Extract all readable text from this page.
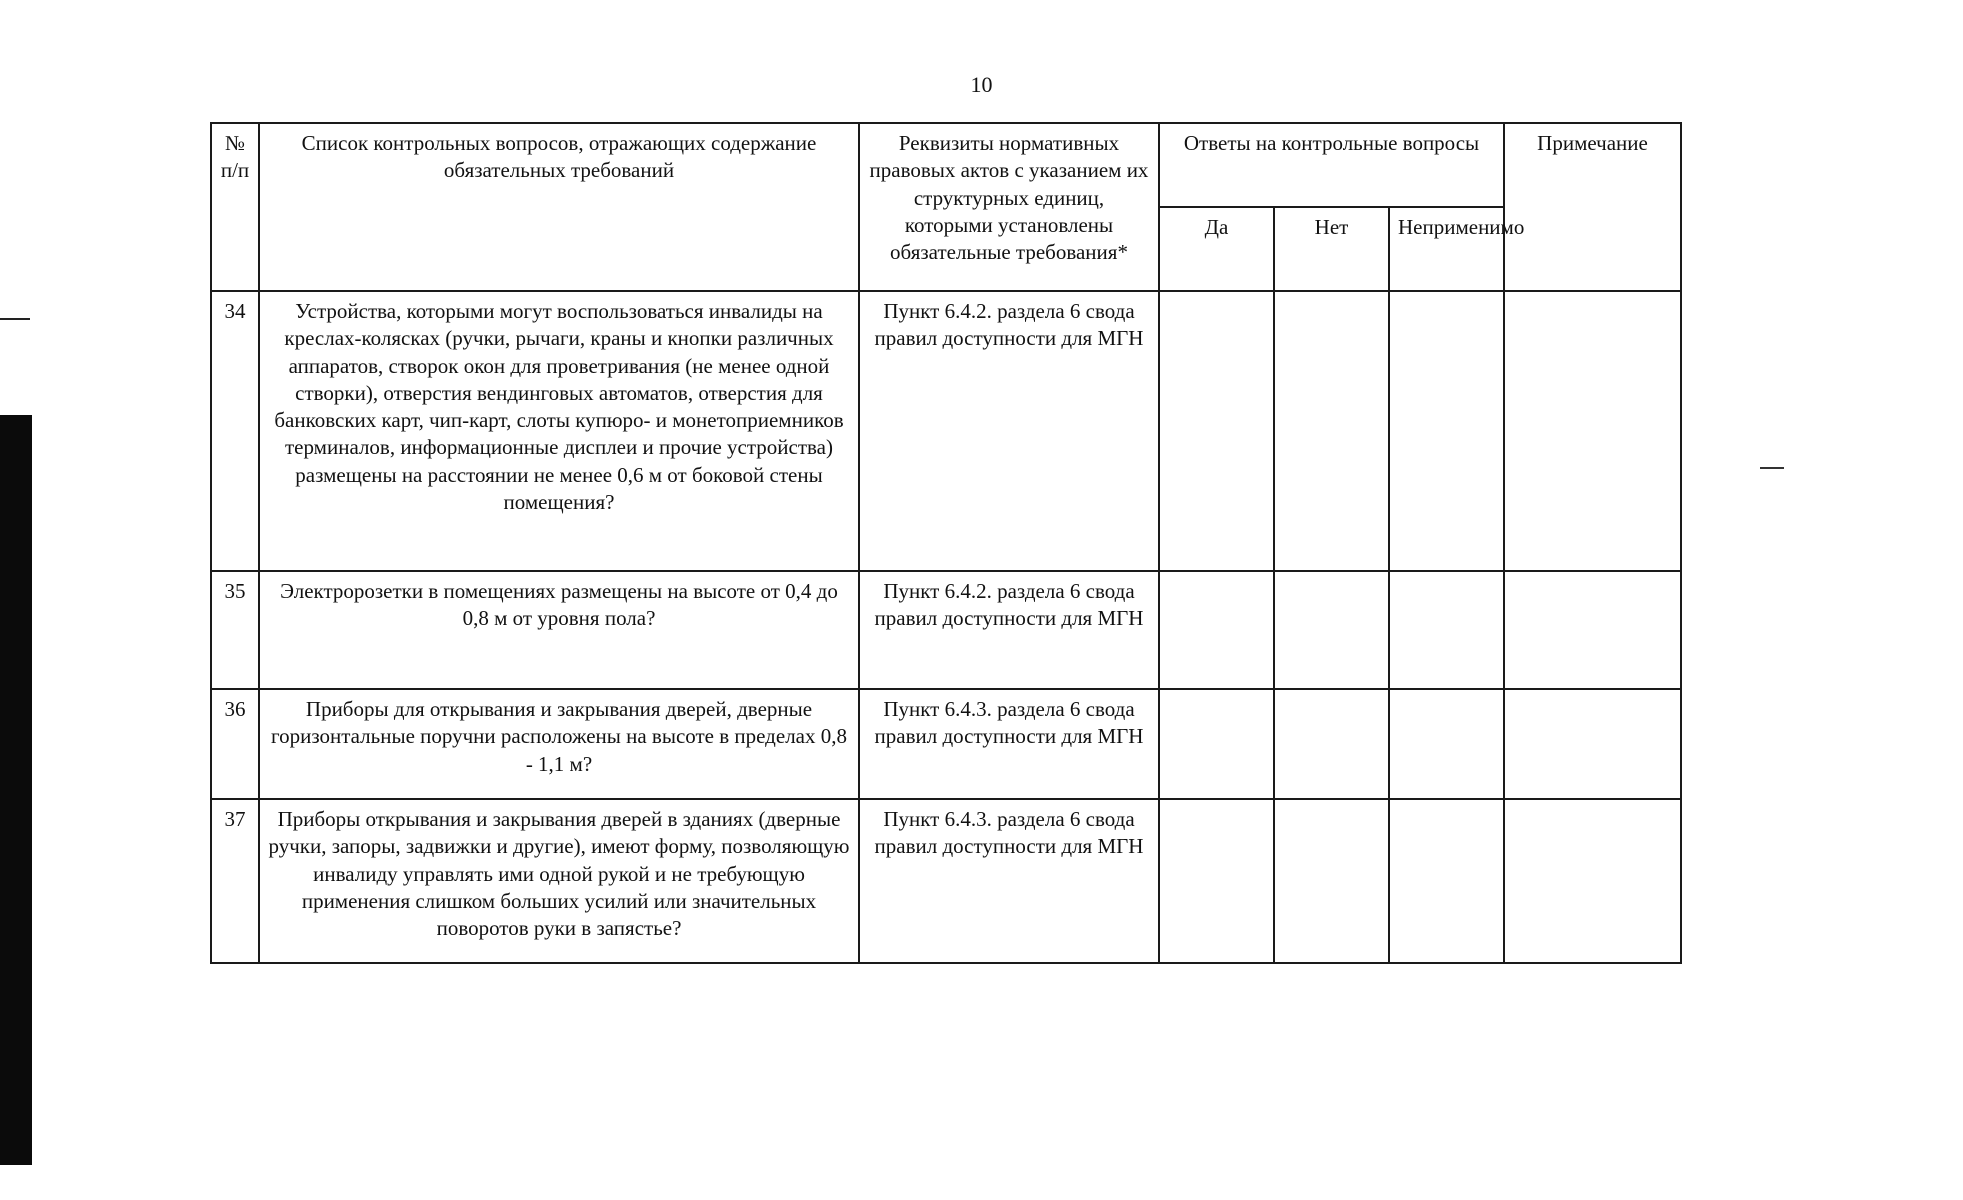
10
№ п/п	Список контрольных вопросов, отражающих содержание обязательных требований	Реквизиты нормативных правовых актов с указанием их структурных единиц, которыми установлены обязательные требования*	Ответы на контрольные вопросы			Примечание
			Да	Нет	Неприменимо	
34	Устройства, которыми могут воспользоваться инвалиды на креслах-колясках (ручки, рычаги, краны и кнопки различных аппаратов, створок окон для проветривания (не менее одной створки), отверстия вендинговых автоматов, отверстия для банковских карт, чип-карт, слоты купюро- и монетоприемников терминалов, информационные дисплеи и прочие устройства) размещены на расстоянии не менее 0,6 м от боковой стены помещения?	Пункт 6.4.2. раздела 6 свода правил доступности для МГН				
35	Электророзетки в помещениях размещены на высоте от 0,4 до 0,8 м от уровня пола?	Пункт 6.4.2. раздела 6 свода правил доступности для МГН				
36	Приборы для открывания и закрывания дверей, дверные горизонтальные поручни расположены на высоте в пределах 0,8 - 1,1 м?	Пункт 6.4.3. раздела 6 свода правил доступности для МГН				
37	Приборы открывания и закрывания дверей в зданиях (дверные ручки, запоры, задвижки и другие), имеют форму, позволяющую инвалиду управлять ими одной рукой и не требующую применения слишком больших усилий или значительных поворотов руки в запястье?	Пункт 6.4.3. раздела 6 свода правил доступности для МГН				
